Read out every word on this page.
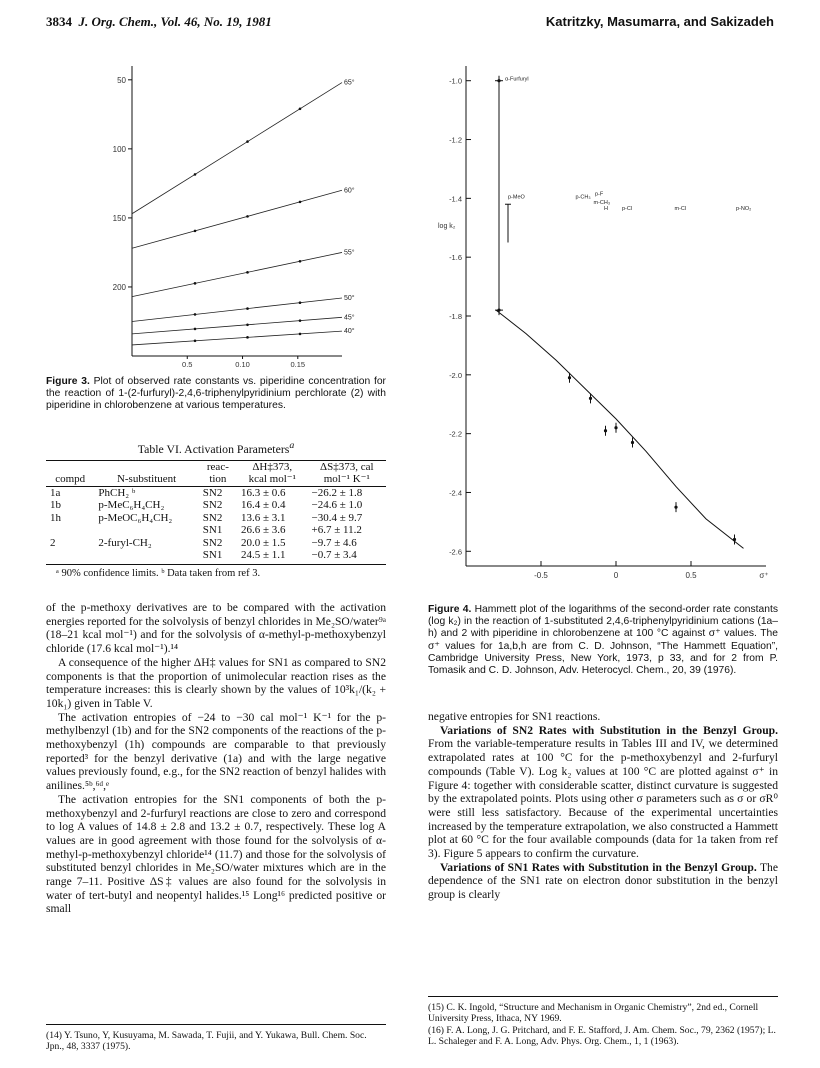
3834 J. Org. Chem., Vol. 46, No. 19, 1981	Katritzky, Masumarra, and Sakizadeh
200
150
100
50
0.5	0.10	0.15
65°
60°
55°
50°
45°
40°
Figure 3. Plot of observed rate constants vs. piperidine concentration for the reaction of 1-(2-furfuryl)-2,4,6-triphenylpyridinium perchlorate (2) with piperidine in chlorobenzene at various temperatures.
Table VI. Activation Parameters$^a$
		reac-	ΔH‡373,	ΔS‡373, cal
compd	N-substituent	tion	kcal mol⁻¹	mol⁻¹ K⁻¹
1a	PhCH₂ ᵇ	SN2	16.3 ± 0.6	−26.2 ± 1.8
1b	p-MeC₆H₄CH₂	SN2	16.4 ± 0.4	−24.6 ± 1.0
1h	p-MeOC₆H₄CH₂	SN2	13.6 ± 3.1	−30.4 ± 9.7
		SN1	26.6 ± 3.6	+6.7 ± 11.2
2	2-furyl-CH₂	SN2	20.0 ± 1.5	−9.7 ± 4.6
		SN1	24.5 ± 1.1	−0.7 ± 3.4
ᵃ 90% confidence limits. ᵇ Data taken from ref 3.

of the p-methoxy derivatives are to be compared with the activation energies reported for the solvolysis of benzyl chlorides in Me₂SO/water⁹ᵃ (18–21 kcal mol⁻¹) and for the solvolysis of α-methyl-p-methoxybenzyl chloride (17.6 kcal mol⁻¹).¹⁴

A consequence of the higher ΔH‡ values for SN1 as compared to SN2 components is that the proportion of unimolecular reaction rises as the temperature increases: this is clearly shown by the values of 10³k₁/(k₂ + 10k₁) given in Table V.

The activation entropies of −24 to −30 cal mol⁻¹ K⁻¹ for the p-methylbenzyl (1b) and for the SN2 components of the reactions of the p-methoxybenzyl (1h) compounds are comparable to that previously reported³ for the benzyl derivative (1a) and with the large negative values previously found, e.g., for the SN2 reaction of benzyl halides with anilines.⁵ᵇ,⁶ᵈ,ᵉ

The activation entropies for the SN1 components of both the p-methoxybenzyl and 2-furfuryl reactions are close to zero and correspond to log A values of 14.8 ± 2.8 and 13.2 ± 0.7, respectively. These log A values are in good agreement with those found for the solvolysis of α-methyl-p-methoxybenzyl chloride¹⁴ (11.7) and those for the solvolysis of substituted benzyl chlorides in Me₂SO/water mixtures which are in the range 7–11. Positive ΔS‡ values are also found for the solvolysis in water of tert-butyl and neopentyl halides.¹⁵ Long¹⁶ predicted positive or small

(14) Y. Tsuno, Y, Kusuyama, M. Sawada, T. Fujii, and Y. Yukawa, Bull. Chem. Soc. Jpn., 48, 3337 (1975).
-1.0
-1.2
-1.4
-1.6
-1.8
-2.0
-2.2
-2.4
-2.6
-0.5	0	0.5	σ⁺
log k₂
α-Furfuryl
p-MeO	p-CH₃ p-F
m-CH₃
H	p-Cl	m-Cl	p-NO₂
Figure 4. Hammett plot of the logarithms of the second-order rate constants (log k₂) in the reaction of 1-substituted 2,4,6-triphenylpyridinium cations (1a–h) and 2 with piperidine in chlorobenzene at 100 °C against σ⁺ values. The σ⁺ values for 1a,b,h are from C. D. Johnson, “The Hammett Equation”, Cambridge University Press, New York, 1973, p 33, and for 2 from P. Tomasik and C. D. Johnson, Adv. Heterocycl. Chem., 20, 39 (1976).

negative entropies for SN1 reactions.

Variations of SN2 Rates with Substitution in the Benzyl Group. From the variable-temperature results in Tables III and IV, we determined extrapolated rates at 100 °C for the p-methoxybenzyl and 2-furfuryl compounds (Table V). Log k₂ values at 100 °C are plotted against σ⁺ in Figure 4: together with considerable scatter, distinct curvature is suggested by the extrapolated points. Plots using other σ parameters such as σ or σR⁰ were still less satisfactory. Because of the experimental uncertainties increased by the temperature extrapolation, we also constructed a Hammett plot at 60 °C for the four available compounds (data for 1a taken from ref 3). Figure 5 appears to confirm the curvature.

Variations of SN1 Rates with Substitution in the Benzyl Group. The dependence of the SN1 rate on electron donor substitution in the benzyl group is clearly

(15) C. K. Ingold, “Structure and Mechanism in Organic Chemistry”, 2nd ed., Cornell University Press, Ithaca, NY 1969.
(16) F. A. Long, J. G. Pritchard, and F. E. Stafford, J. Am. Chem. Soc., 79, 2362 (1957); L. L. Schaleger and F. A. Long, Adv. Phys. Org. Chem., 1, 1 (1963).
